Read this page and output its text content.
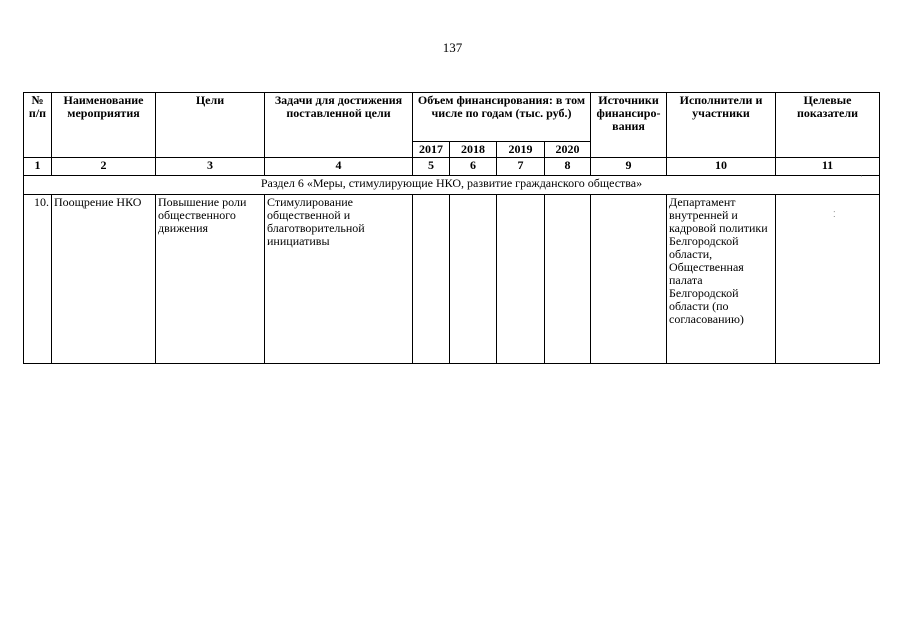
137
№ п/п	Наименование мероприятия	Цели	Задачи для достижения поставленной цели	Объем финансирования: в том числе по годам (тыс. руб.)				Источники финансиро-вания	Исполнители и участники	Целевые показатели
				2017	2018	2019	2020			
1	2	3	4	5	6	7	8	9	10	11
Раздел 6 «Меры, стимулирующие НКО, развитие гражданского общества»										
10.	Поощрение НКО	Повышение роли общественного движения	Стимулирование общественной и благотворительной инициативы						Департамент внутренней и кадровой политики Белгородской области, Общественная палата Белгородской области (по согласованию)	
⁚
·
